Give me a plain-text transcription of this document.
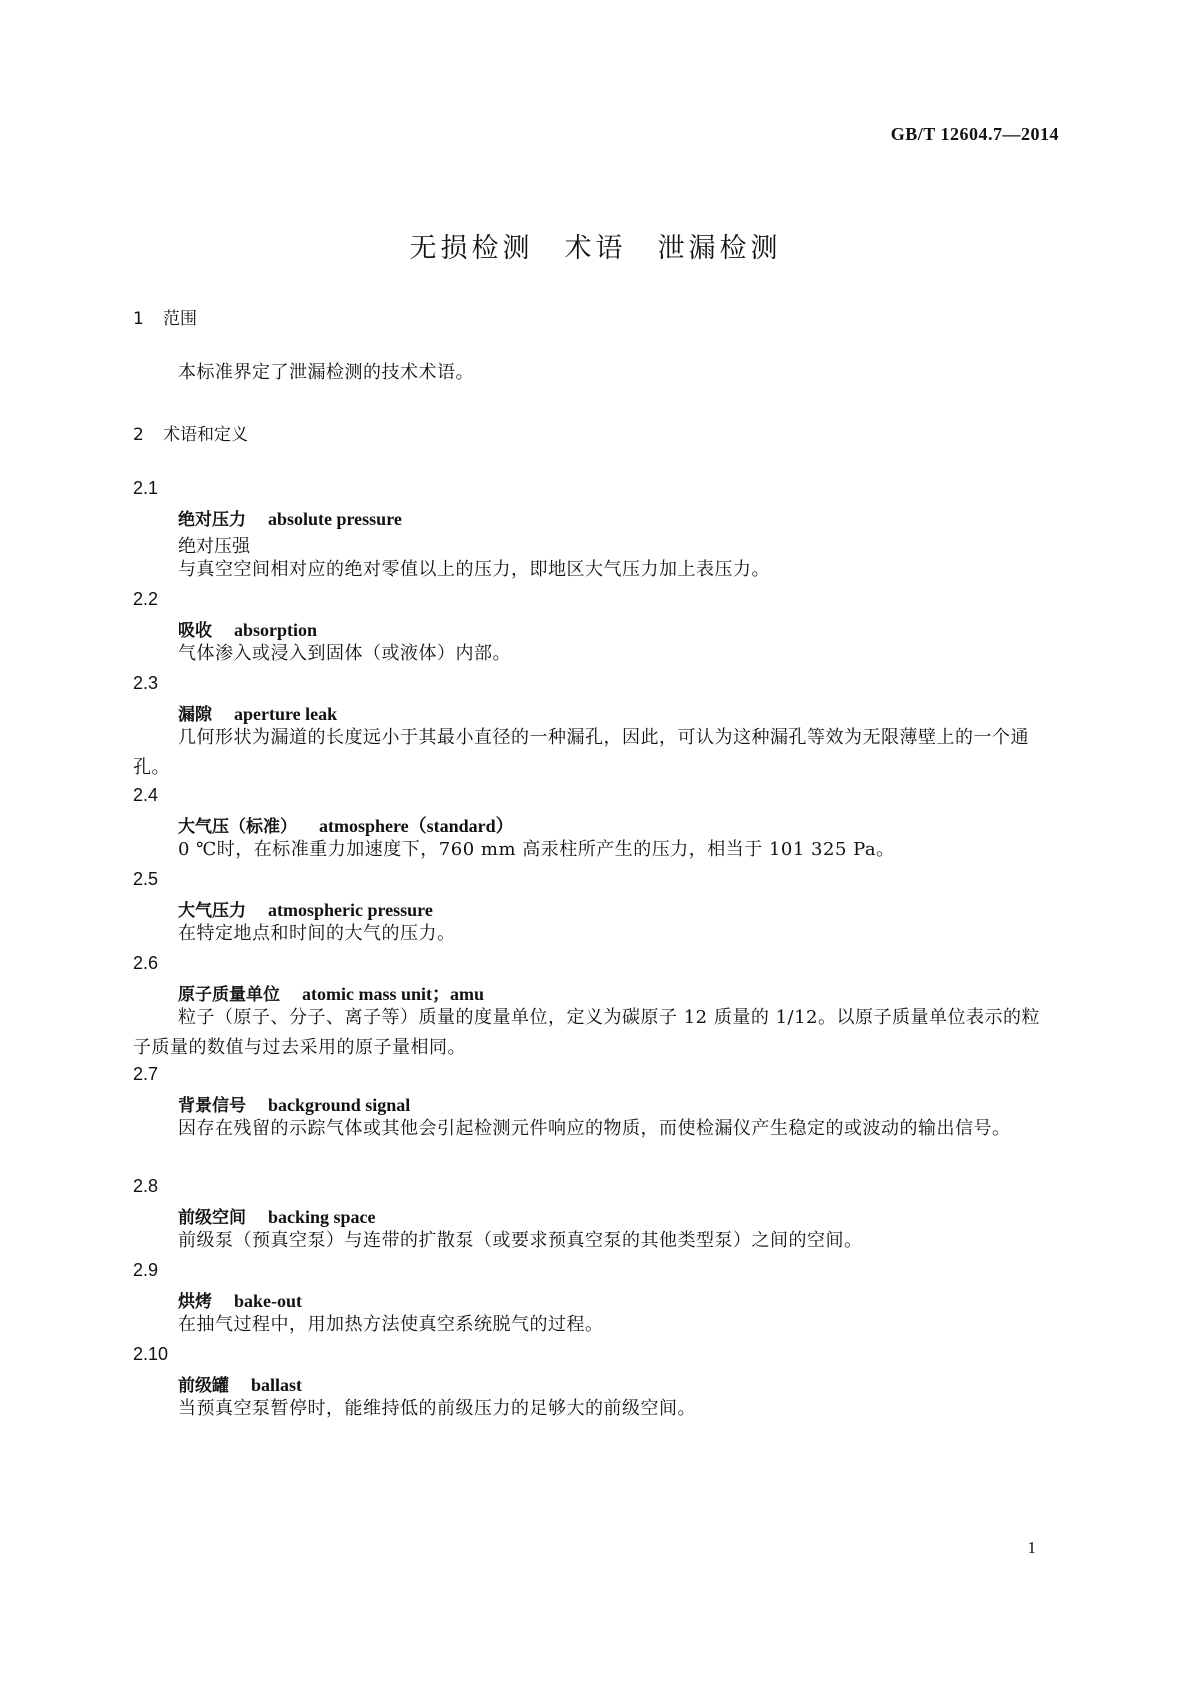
GB/T 12604.7—2014
无损检测　术语　泄漏检测
1 范围
本标准界定了泄漏检测的技术术语。
2 术语和定义
2.1
绝对压力 absolute pressure
绝对压强
与真空空间相对应的绝对零值以上的压力，即地区大气压力加上表压力。
2.2
吸收 absorption
气体渗入或浸入到固体（或液体）内部。
2.3
漏隙 aperture leak
几何形状为漏道的长度远小于其最小直径的一种漏孔，因此，可认为这种漏孔等效为无限薄壁上的一个通孔。
2.4
大气压（标准） atmosphere（standard）
0 ℃时，在标准重力加速度下，760 mm 高汞柱所产生的压力，相当于 101 325 Pa。
2.5
大气压力 atmospheric pressure
在特定地点和时间的大气的压力。
2.6
原子质量单位 atomic mass unit；amu
粒子（原子、分子、离子等）质量的度量单位，定义为碳原子 12 质量的 1/12。以原子质量单位表示的粒子质量的数值与过去采用的原子量相同。
2.7
背景信号 background signal
因存在残留的示踪气体或其他会引起检测元件响应的物质，而使检漏仪产生稳定的或波动的输出信号。
2.8
前级空间 backing space
前级泵（预真空泵）与连带的扩散泵（或要求预真空泵的其他类型泵）之间的空间。
2.9
烘烤 bake-out
在抽气过程中，用加热方法使真空系统脱气的过程。
2.10
前级罐 ballast
当预真空泵暂停时，能维持低的前级压力的足够大的前级空间。
1
